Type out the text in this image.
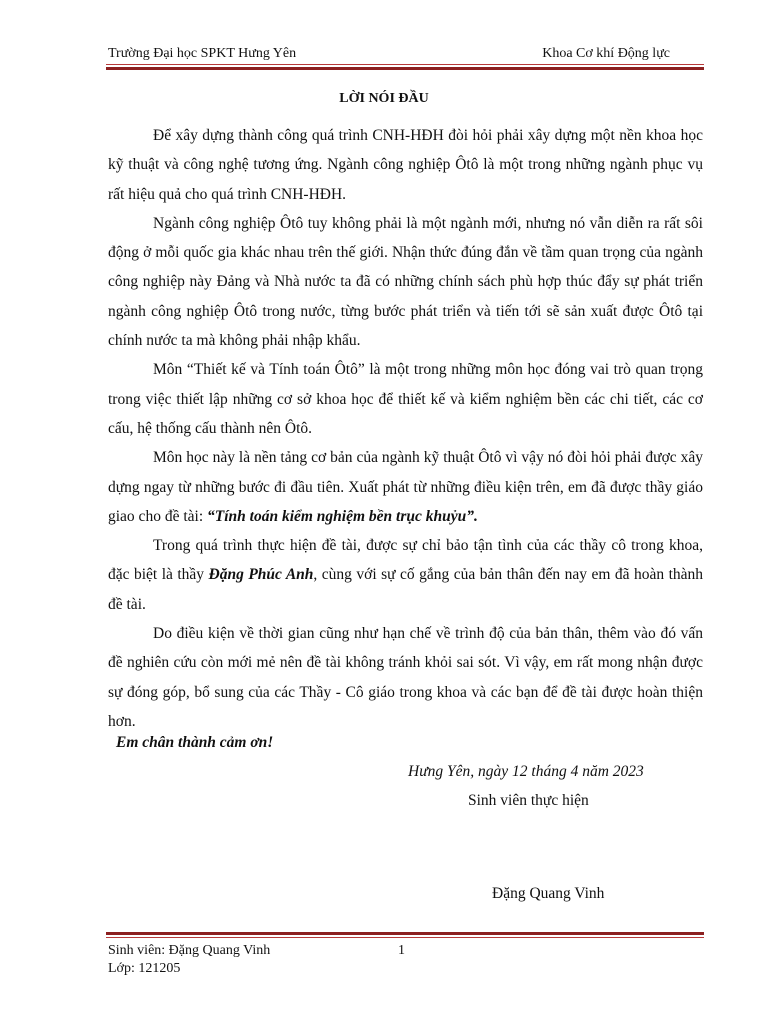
Trường Đại học SPKT Hưng Yên	Khoa Cơ khí Động lực
LỜI NÓI ĐẦU

Để xây dựng thành công quá trình CNH-HĐH đòi hỏi phải xây dựng một nền khoa học kỹ thuật và công nghệ tương ứng. Ngành công nghiệp Ôtô là một trong những ngành phục vụ rất hiệu quả cho quá trình CNH-HĐH.

Ngành công nghiệp Ôtô tuy không phải là một ngành mới, nhưng nó vẫn diễn ra rất sôi động ở mỗi quốc gia khác nhau trên thế giới. Nhận thức đúng đắn về tầm quan trọng của ngành công nghiệp này Đảng và Nhà nước ta đã có những chính sách phù hợp thúc đẩy sự phát triển ngành công nghiệp Ôtô trong nước, từng bước phát triển và tiến tới sẽ sản xuất được Ôtô tại chính nước ta mà không phải nhập khẩu.

Môn “Thiết kế và Tính toán Ôtô” là một trong những môn học đóng vai trò quan trọng trong việc thiết lập những cơ sở khoa học để thiết kế và kiểm nghiệm bền các chi tiết, các cơ cấu, hệ thống cấu thành nên Ôtô.

Môn học này là nền tảng cơ bản của ngành kỹ thuật Ôtô vì vậy nó đòi hỏi phải được xây dựng ngay từ những bước đi đầu tiên. Xuất phát từ những điều kiện trên, em đã được thầy giáo giao cho đề tài: “Tính toán kiểm nghiệm bền trục khuỷu”.

Trong quá trình thực hiện đề tài, được sự chỉ bảo tận tình của các thầy cô trong khoa, đặc biệt là thầy Đặng Phúc Anh, cùng với sự cố gắng của bản thân đến nay em đã hoàn thành đề tài.

Do điều kiện về thời gian cũng như hạn chế về trình độ của bản thân, thêm vào đó vấn đề nghiên cứu còn mới mẻ nên đề tài không tránh khỏi sai sót. Vì vậy, em rất mong nhận được sự đóng góp, bổ sung của các Thầy - Cô giáo trong khoa và các bạn để đề tài được hoàn thiện hơn.

Em chân thành cảm ơn!
Hưng Yên, ngày 12 tháng 4 năm 2023
Sinh viên thực hiện
Đặng Quang Vinh
Sinh viên: Đặng Quang Vinh	1
Lớp: 121205
